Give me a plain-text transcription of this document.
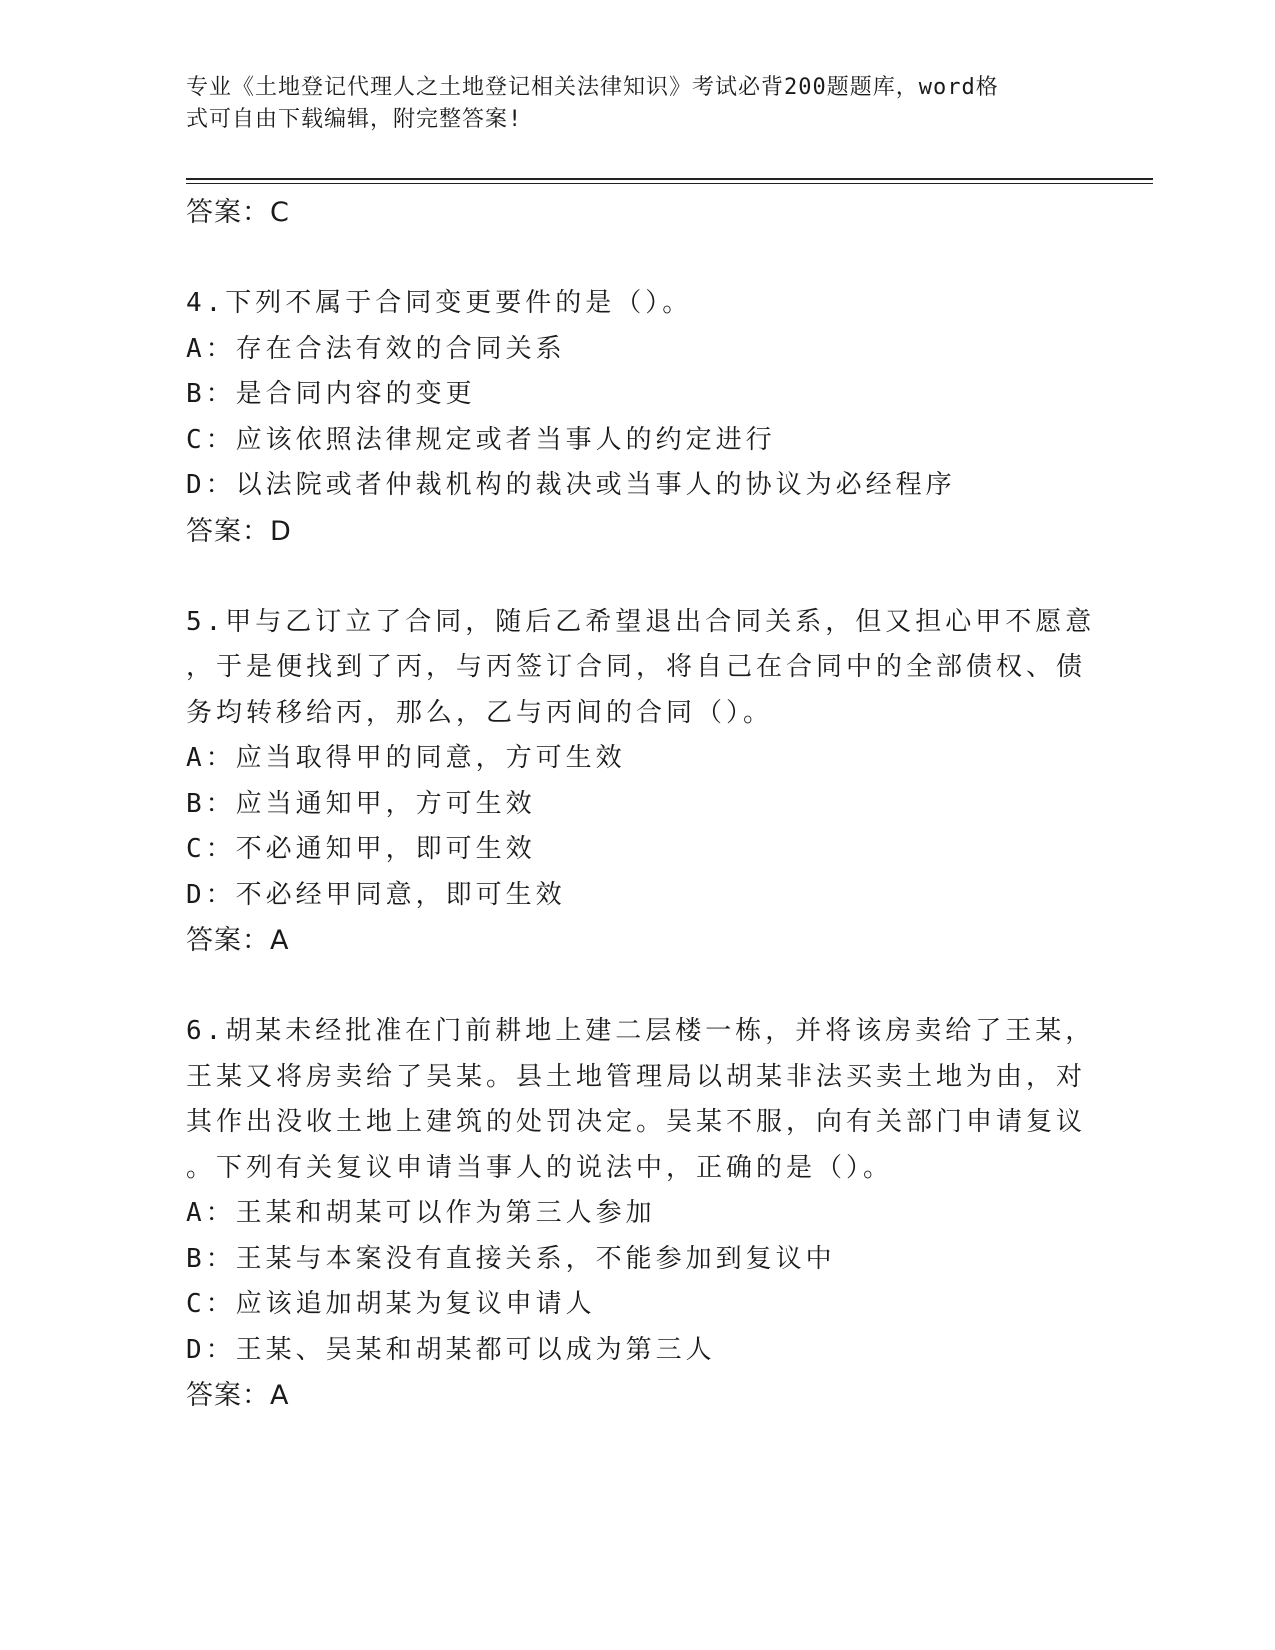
专业《土地登记代理人之土地登记相关法律知识》考试必背200题题库，word格
式可自由下载编辑，附完整答案!
答案：C
4.下列不属于合同变更要件的是（）。
A：存在合法有效的合同关系
B：是合同内容的变更
C：应该依照法律规定或者当事人的约定进行
D：以法院或者仲裁机构的裁决或当事人的协议为必经程序
答案：D
5.甲与乙订立了合同，随后乙希望退出合同关系，但又担心甲不愿意
，于是便找到了丙，与丙签订合同，将自己在合同中的全部债权、债
务均转移给丙，那么，乙与丙间的合同（）。
A：应当取得甲的同意，方可生效
B：应当通知甲，方可生效
C：不必通知甲，即可生效
D：不必经甲同意，即可生效
答案：A
6.胡某未经批准在门前耕地上建二层楼一栋，并将该房卖给了王某，
王某又将房卖给了吴某。县土地管理局以胡某非法买卖土地为由，对
其作出没收土地上建筑的处罚决定。吴某不服，向有关部门申请复议
。下列有关复议申请当事人的说法中，正确的是（）。
A：王某和胡某可以作为第三人参加
B：王某与本案没有直接关系，不能参加到复议中
C：应该追加胡某为复议申请人
D：王某、吴某和胡某都可以成为第三人
答案：A
